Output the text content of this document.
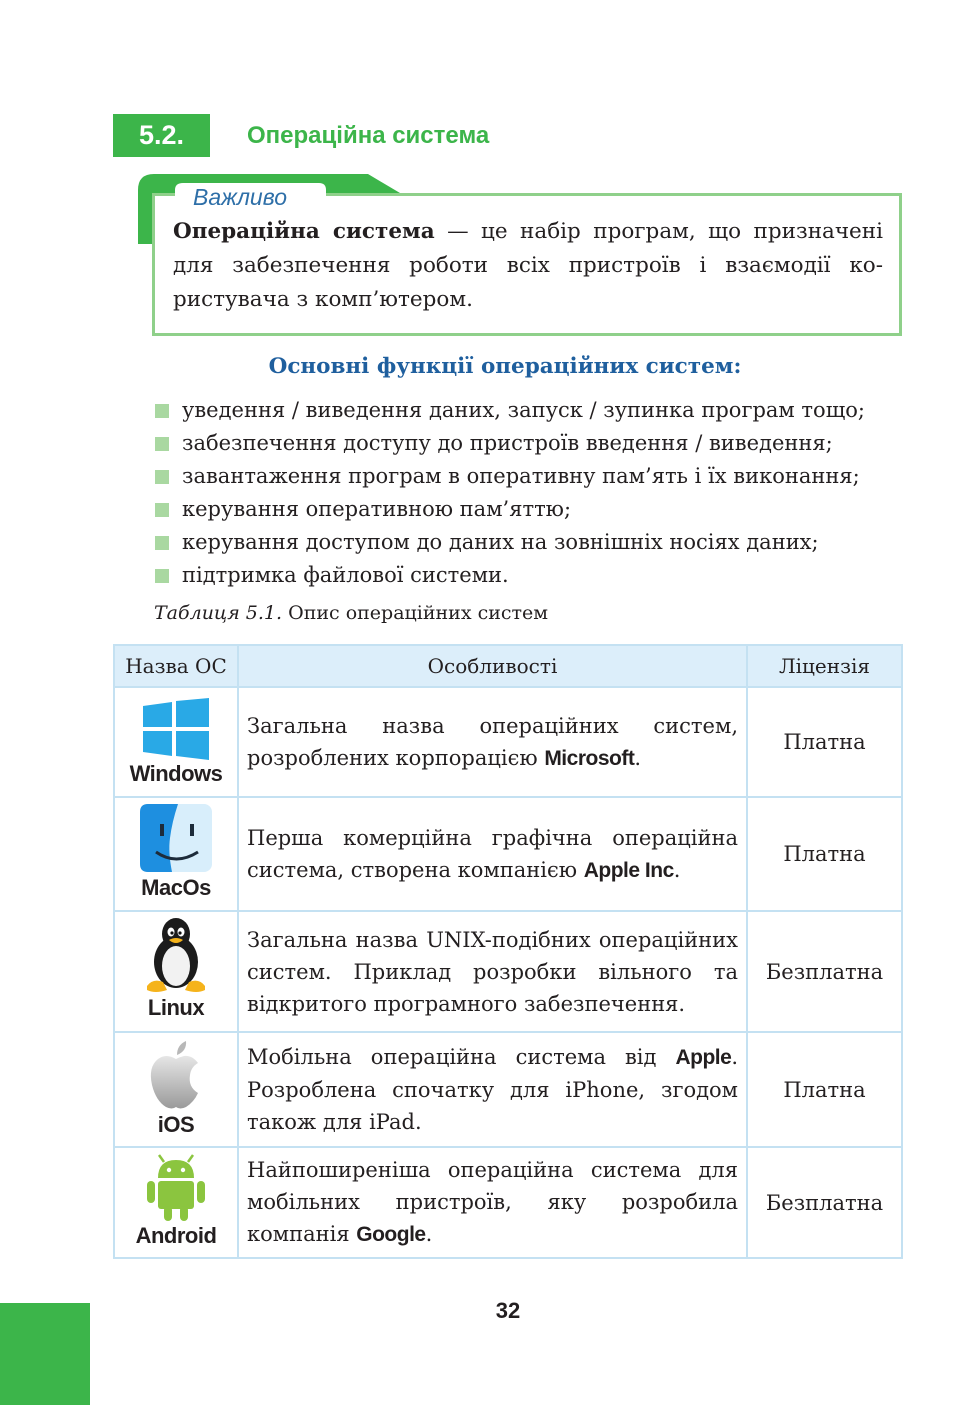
5.2.	Операційна система
Важливо
Операційна система — це набір програм, що призначені для забезпечення роботи всіх пристроїв і взаємодії користувача з комп’ютером.
Основні функції операційних систем:
уведення / виведення даних, запуск / зупинка програм тощо;
забезпечення доступу до пристроїв введення / виведення;
завантаження програм в оперативну пам’ять і їх виконання;
керування оперативною пам’яттю;
керування доступом до даних на зовнішніх носіях даних;
підтримка файлової системи.
Таблиця 5.1. Опис операційних систем
Назва ОС	Особливості	Ліцензія

Windows	Загальна назва операційних систем, розроблених корпорацією Microsoft.	Платна

MacOs	Перша комерційна графічна операційна система, створена компанією Apple Inc.	Платна

Linux	Загальна назва UNIX-подібних операційних систем. Приклад розробки вільного та відкритого програмного забезпечення.	Безплатна

iOS	Мобільна операційна система від Apple. Розроблена спочатку для iPhone, згодом також для iPad.	Платна

Android	Найпоширеніша операційна система для мобільних пристроїв, яку розробила компанія Google.	Безплатна
32
